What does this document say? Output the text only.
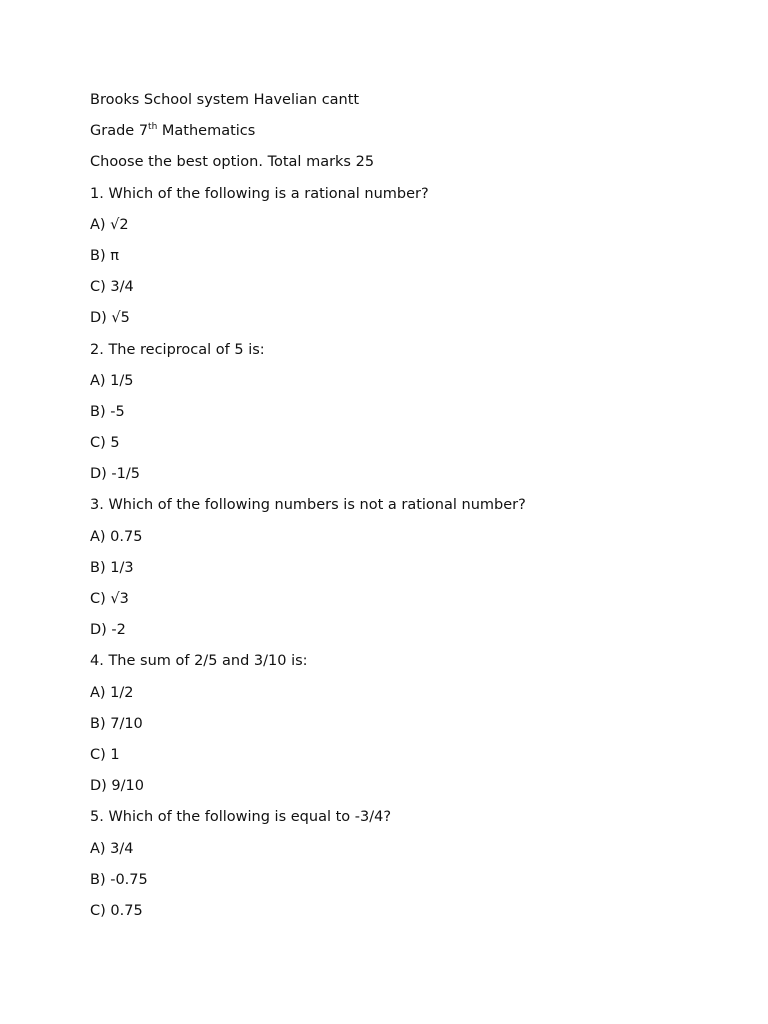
Brooks School system Havelian cantt
Grade 7th Mathematics
Choose the best option. Total marks 25
1. Which of the following is a rational number?
A) √2
B) π
C) 3/4
D) √5
2. The reciprocal of 5 is:
A) 1/5
B) -5
C) 5
D) -1/5
3. Which of the following numbers is not a rational number?
A) 0.75
B) 1/3
C) √3
D) -2
4. The sum of 2/5 and 3/10 is:
A) 1/2
B) 7/10
C) 1
D) 9/10
5. Which of the following is equal to -3/4?
A) 3/4
B) -0.75
C) 0.75
